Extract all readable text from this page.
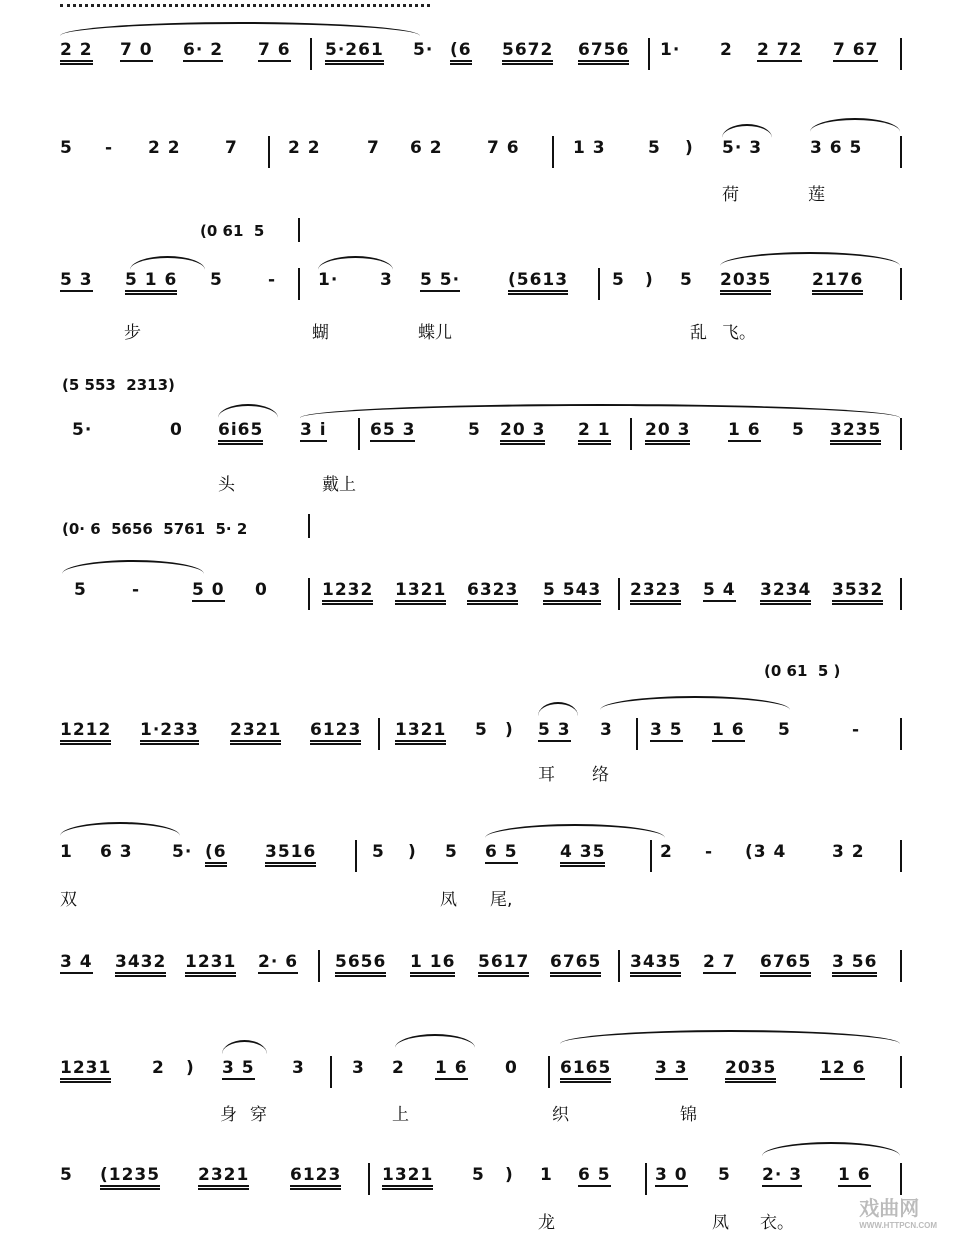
2 2 7 0 6· 2 7 6 5·261 5· (6 5672 6756 1· 2 2 72 7 67
5 - 2 2	7	2 2	7 6 2	7 6	1 3 5 ) 5· 3	3 6 5
荷	莲
(0 61  5
5 3 5 1 6 5	- 1· 3 5 5·	(5613	5 ) 5 2035 2176
步	蝴	蝶儿	乱 飞。
(5 553  2313)
5·	0 6i65 3 i	65 3	5 20 3 2 1 20 3 1 6 5 3235
头	戴上
(0· 6  5656  5761  5· 2
5	-	5 0 0	1232 1321 6323 5 543 2323 5 4 3234 3532
(0 61  5 )
1212 1·233 2321 6123 1321 5 ) 5 3 3 3 5 1 6 5	-
耳 络
1 6 3 5· (6 3516	5 ) 5 6 5 4 35	2 - (3 4	3 2
双	凤 尾,
3 4 3432 1231 2· 6 5656 1 16 5617 6765 3435 2 7 6765 3 56
1231 2 ) 3 5 3	3 2 1 6 0 6165	3 3 2035	12 6
身 穿	上	织	锦
5 (1235 2321 6123 1321 5 ) 1 6 5	3 0 5 2· 3 1 6
龙	凤 衣。
戏曲网
WWW.HTTPCN.COM
